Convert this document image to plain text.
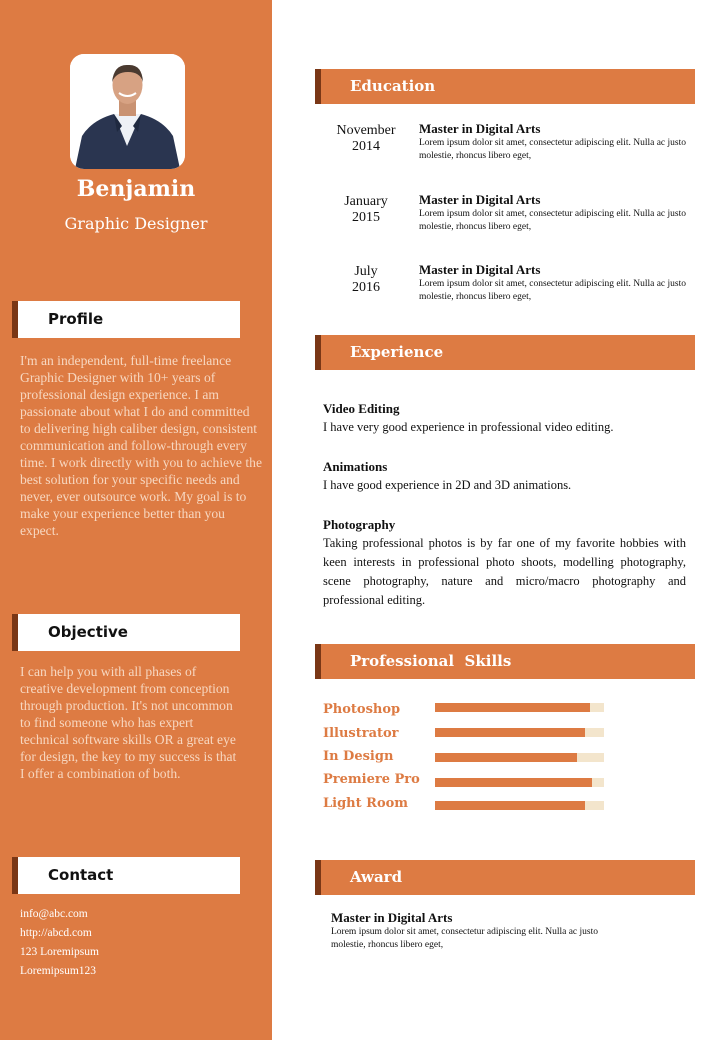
Benjamin
Graphic Designer
Profile
I'm an independent, full-time freelance Graphic Designer with 10+ years of professional design experience. I am passionate about what I do and committed to delivering high caliber design, consistent communication and follow-through every time. I work directly with you to achieve the best solution for your specific needs and never, ever outsource work. My goal is to make your experience better than you expect.
Objective
I can help you with all phases of creative development from conception through production. It's not uncommon to find someone who has expert technical software skills OR a great eye for design, the key to my success is that I offer a combination of both.
Contact
info@abc.com
http://abcd.com
123 Loremipsum
Loremipsum123
Education
November
2014
Master in Digital Arts
Lorem ipsum dolor sit amet, consectetur adipiscing elit. Nulla ac justo molestie, rhoncus libero eget,
January
2015
Master in Digital Arts
Lorem ipsum dolor sit amet, consectetur adipiscing elit. Nulla ac justo molestie, rhoncus libero eget,
July
2016
Master in Digital Arts
Lorem ipsum dolor sit amet, consectetur adipiscing elit. Nulla ac justo molestie, rhoncus libero eget,
Experience
Video Editing
I have very good experience in professional video editing.
Animations
I have good experience in 2D and 3D animations.
Photography
Taking professional photos is by far one of my favorite hobbies with keen interests in professional photo shoots, modelling photography, scene photography, nature and micro/macro photography and professional editing.
Professional  Skills
Photoshop
Illustrator
In Design
Premiere Pro
Light Room
Award
Master in Digital Arts
Lorem ipsum dolor sit amet, consectetur adipiscing elit. Nulla ac justo molestie, rhoncus libero eget,
